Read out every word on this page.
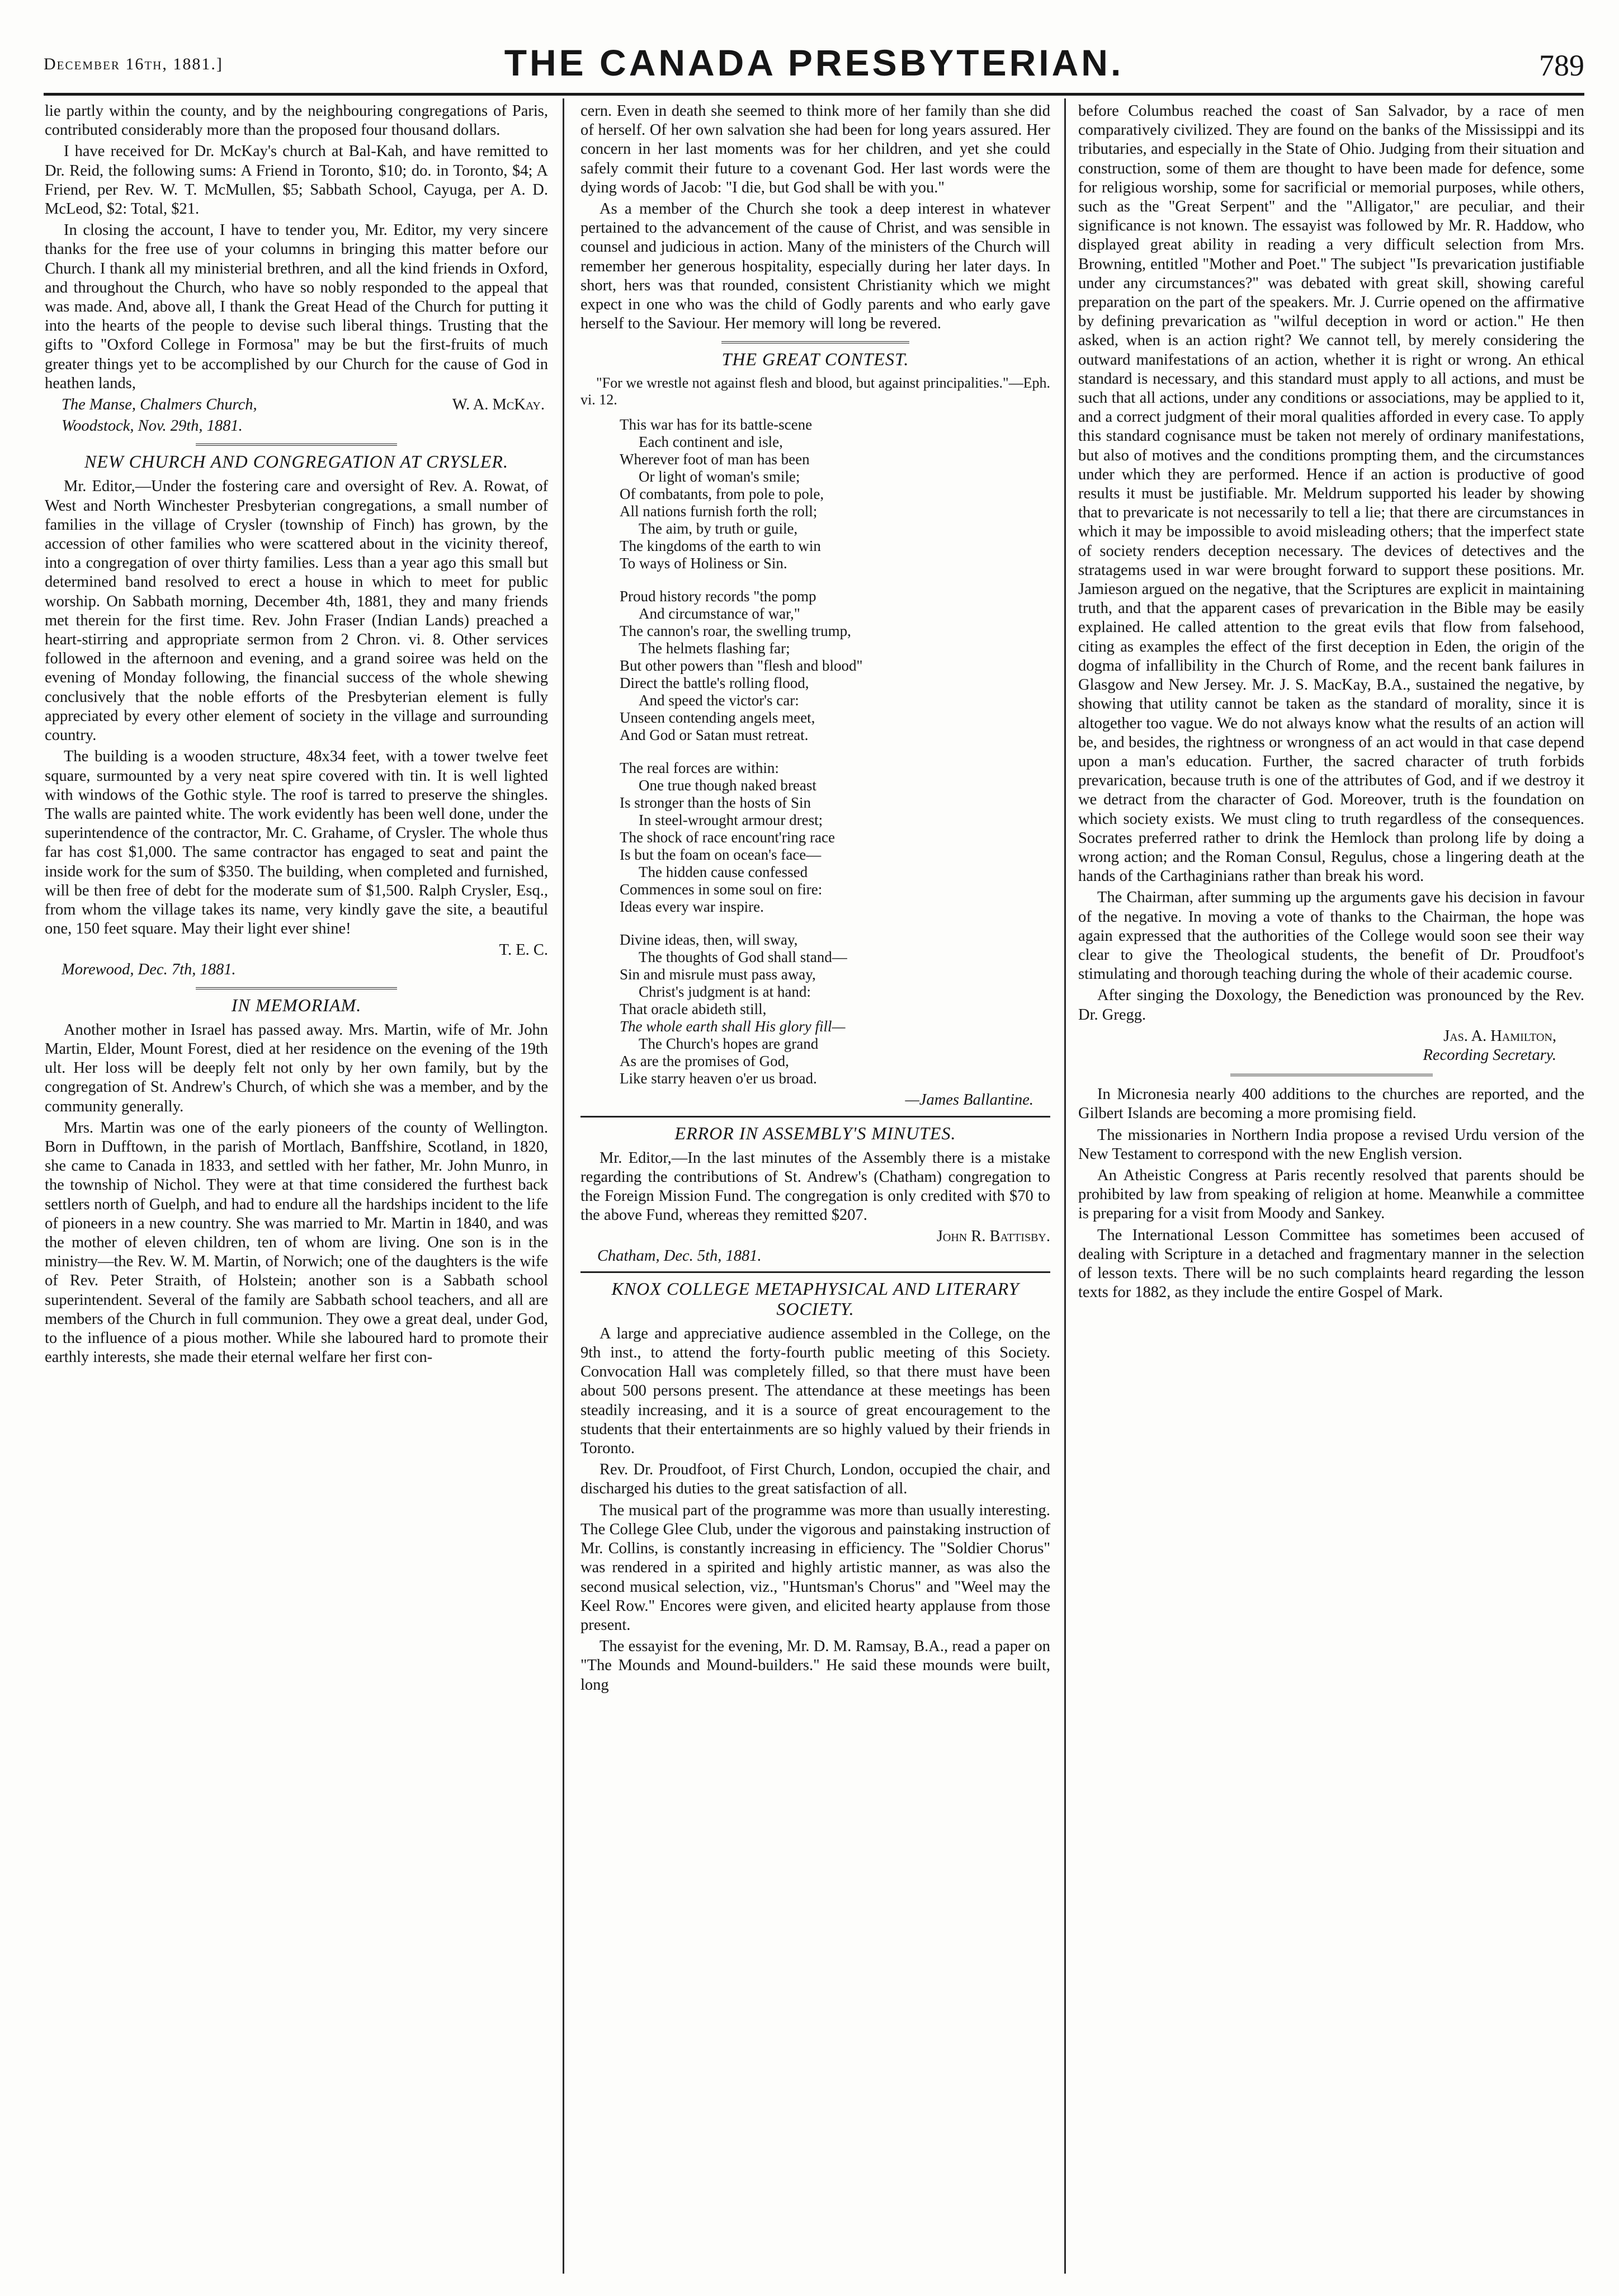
December 16th, 1881.]	THE CANADA PRESBYTERIAN.	789

lie partly within the county, and by the neighbouring congregations of Paris, contributed considerably more than the proposed four thousand dollars.

I have received for Dr. McKay's church at Bal-Kah, and have remitted to Dr. Reid, the following sums: A Friend in Toronto, $10; do. in Toronto, $4; A Friend, per Rev. W. T. McMullen, $5; Sabbath School, Cayuga, per A. D. McLeod, $2: Total, $21.

In closing the account, I have to tender you, Mr. Editor, my very sincere thanks for the free use of your columns in bringing this matter before our Church. I thank all my ministerial brethren, and all the kind friends in Oxford, and throughout the Church, who have so nobly responded to the appeal that was made. And, above all, I thank the Great Head of the Church for putting it into the hearts of the people to devise such liberal things. Trusting that the gifts to "Oxford College in Formosa" may be but the first-fruits of much greater things yet to be accomplished by our Church for the cause of God in heathen lands,

The Manse, Chalmers Church,	W. A. McKay.
Woodstock, Nov. 29th, 1881.
NEW CHURCH AND CONGREGATION AT CRYSLER.

Mr. Editor,—Under the fostering care and oversight of Rev. A. Rowat, of West and North Winchester Presbyterian congregations, a small number of families in the village of Crysler (township of Finch) has grown, by the accession of other families who were scattered about in the vicinity thereof, into a congregation of over thirty families. Less than a year ago this small but determined band resolved to erect a house in which to meet for public worship. On Sabbath morning, December 4th, 1881, they and many friends met therein for the first time. Rev. John Fraser (Indian Lands) preached a heart-stirring and appropriate sermon from 2 Chron. vi. 8. Other services followed in the afternoon and evening, and a grand soiree was held on the evening of Monday following, the financial success of the whole shewing conclusively that the noble efforts of the Presbyterian element is fully appreciated by every other element of society in the village and surrounding country.

The building is a wooden structure, 48x34 feet, with a tower twelve feet square, surmounted by a very neat spire covered with tin. It is well lighted with windows of the Gothic style. The roof is tarred to preserve the shingles. The walls are painted white. The work evidently has been well done, under the superintendence of the contractor, Mr. C. Grahame, of Crysler. The whole thus far has cost $1,000. The same contractor has engaged to seat and paint the inside work for the sum of $350. The building, when completed and furnished, will be then free of debt for the moderate sum of $1,500. Ralph Crysler, Esq., from whom the village takes its name, very kindly gave the site, a beautiful one, 150 feet square. May their light ever shine!

T. E. C.
Morewood, Dec. 7th, 1881.
IN MEMORIAM.

Another mother in Israel has passed away. Mrs. Martin, wife of Mr. John Martin, Elder, Mount Forest, died at her residence on the evening of the 19th ult. Her loss will be deeply felt not only by her own family, but by the congregation of St. Andrew's Church, of which she was a member, and by the community generally.

Mrs. Martin was one of the early pioneers of the county of Wellington. Born in Dufftown, in the parish of Mortlach, Banffshire, Scotland, in 1820, she came to Canada in 1833, and settled with her father, Mr. John Munro, in the township of Nichol. They were at that time considered the furthest back settlers north of Guelph, and had to endure all the hardships incident to the life of pioneers in a new country. She was married to Mr. Martin in 1840, and was the mother of eleven children, ten of whom are living. One son is in the ministry—the Rev. W. M. Martin, of Norwich; one of the daughters is the wife of Rev. Peter Straith, of Holstein; another son is a Sabbath school superintendent. Several of the family are Sabbath school teachers, and all are members of the Church in full communion. They owe a great deal, under God, to the influence of a pious mother. While she laboured hard to promote their earthly interests, she made their eternal welfare her first con-

cern. Even in death she seemed to think more of her family than she did of herself. Of her own salvation she had been for long years assured. Her concern in her last moments was for her children, and yet she could safely commit their future to a covenant God. Her last words were the dying words of Jacob: "I die, but God shall be with you."

As a member of the Church she took a deep interest in whatever pertained to the advancement of the cause of Christ, and was sensible in counsel and judicious in action. Many of the ministers of the Church will remember her generous hospitality, especially during her later days. In short, hers was that rounded, consistent Christianity which we might expect in one who was the child of Godly parents and who early gave herself to the Saviour. Her memory will long be revered.

THE GREAT CONTEST.
"For we wrestle not against flesh and blood, but against principalities."—Eph. vi. 12.
This war has for its battle-scene
Each continent and isle,
Wherever foot of man has been
Or light of woman's smile;
Of combatants, from pole to pole,
All nations furnish forth the roll;
The aim, by truth or guile,
The kingdoms of the earth to win
To ways of Holiness or Sin.
Proud history records "the pomp
And circumstance of war,"
The cannon's roar, the swelling trump,
The helmets flashing far;
But other powers than "flesh and blood"
Direct the battle's rolling flood,
And speed the victor's car:
Unseen contending angels meet,
And God or Satan must retreat.
The real forces are within:
One true though naked breast
Is stronger than the hosts of Sin
In steel-wrought armour drest;
The shock of race encount'ring race
Is but the foam on ocean's face—
The hidden cause confessed
Commences in some soul on fire:
Ideas every war inspire.
Divine ideas, then, will sway,
The thoughts of God shall stand—
Sin and misrule must pass away,
Christ's judgment is at hand:
That oracle abideth still,
The whole earth shall His glory fill—
The Church's hopes are grand
As are the promises of God,
Like starry heaven o'er us broad.
—James Ballantine.
ERROR IN ASSEMBLY'S MINUTES.

Mr. Editor,—In the last minutes of the Assembly there is a mistake regarding the contributions of St. Andrew's (Chatham) congregation to the Foreign Mission Fund. The congregation is only credited with $70 to the above Fund, whereas they remitted $207.

John R. Battisby.
Chatham, Dec. 5th, 1881.
KNOX COLLEGE METAPHYSICAL AND LITERARY SOCIETY.

A large and appreciative audience assembled in the College, on the 9th inst., to attend the forty-fourth public meeting of this Society. Convocation Hall was completely filled, so that there must have been about 500 persons present. The attendance at these meetings has been steadily increasing, and it is a source of great encouragement to the students that their entertainments are so highly valued by their friends in Toronto.

Rev. Dr. Proudfoot, of First Church, London, occupied the chair, and discharged his duties to the great satisfaction of all.

The musical part of the programme was more than usually interesting. The College Glee Club, under the vigorous and painstaking instruction of Mr. Collins, is constantly increasing in efficiency. The "Soldier Chorus" was rendered in a spirited and highly artistic manner, as was also the second musical selection, viz., "Huntsman's Chorus" and "Weel may the Keel Row." Encores were given, and elicited hearty applause from those present.

The essayist for the evening, Mr. D. M. Ramsay, B.A., read a paper on "The Mounds and Mound-builders." He said these mounds were built, long

before Columbus reached the coast of San Salvador, by a race of men comparatively civilized. They are found on the banks of the Mississippi and its tributaries, and especially in the State of Ohio. Judging from their situation and construction, some of them are thought to have been made for defence, some for religious worship, some for sacrificial or memorial purposes, while others, such as the "Great Serpent" and the "Alligator," are peculiar, and their significance is not known. The essayist was followed by Mr. R. Haddow, who displayed great ability in reading a very difficult selection from Mrs. Browning, entitled "Mother and Poet." The subject "Is prevarication justifiable under any circumstances?" was debated with great skill, showing careful preparation on the part of the speakers. Mr. J. Currie opened on the affirmative by defining prevarication as "wilful deception in word or action." He then asked, when is an action right? We cannot tell, by merely considering the outward manifestations of an action, whether it is right or wrong. An ethical standard is necessary, and this standard must apply to all actions, and must be such that all actions, under any conditions or associations, may be applied to it, and a correct judgment of their moral qualities afforded in every case. To apply this standard cognisance must be taken not merely of ordinary manifestations, but also of motives and the conditions prompting them, and the circumstances under which they are performed. Hence if an action is productive of good results it must be justifiable. Mr. Meldrum supported his leader by showing that to prevaricate is not necessarily to tell a lie; that there are circumstances in which it may be impossible to avoid misleading others; that the imperfect state of society renders deception necessary. The devices of detectives and the stratagems used in war were brought forward to support these positions. Mr. Jamieson argued on the negative, that the Scriptures are explicit in maintaining truth, and that the apparent cases of prevarication in the Bible may be easily explained. He called attention to the great evils that flow from falsehood, citing as examples the effect of the first deception in Eden, the origin of the dogma of infallibility in the Church of Rome, and the recent bank failures in Glasgow and New Jersey. Mr. J. S. MacKay, B.A., sustained the negative, by showing that utility cannot be taken as the standard of morality, since it is altogether too vague. We do not always know what the results of an action will be, and besides, the rightness or wrongness of an act would in that case depend upon a man's education. Further, the sacred character of truth forbids prevarication, because truth is one of the attributes of God, and if we destroy it we detract from the character of God. Moreover, truth is the foundation on which society exists. We must cling to truth regardless of the consequences. Socrates preferred rather to drink the Hemlock than prolong life by doing a wrong action; and the Roman Consul, Regulus, chose a lingering death at the hands of the Carthaginians rather than break his word.

The Chairman, after summing up the arguments gave his decision in favour of the negative. In moving a vote of thanks to the Chairman, the hope was again expressed that the authorities of the College would soon see their way clear to give the Theological students, the benefit of Dr. Proudfoot's stimulating and thorough teaching during the whole of their academic course.

After singing the Doxology, the Benediction was pronounced by the Rev. Dr. Gregg.

Jas. A. Hamilton,
Recording Secretary.

In Micronesia nearly 400 additions to the churches are reported, and the Gilbert Islands are becoming a more promising field.

The missionaries in Northern India propose a revised Urdu version of the New Testament to correspond with the new English version.

An Atheistic Congress at Paris recently resolved that parents should be prohibited by law from speaking of religion at home. Meanwhile a committee is preparing for a visit from Moody and Sankey.

The International Lesson Committee has sometimes been accused of dealing with Scripture in a detached and fragmentary manner in the selection of lesson texts. There will be no such complaints heard regarding the lesson texts for 1882, as they include the entire Gospel of Mark.
